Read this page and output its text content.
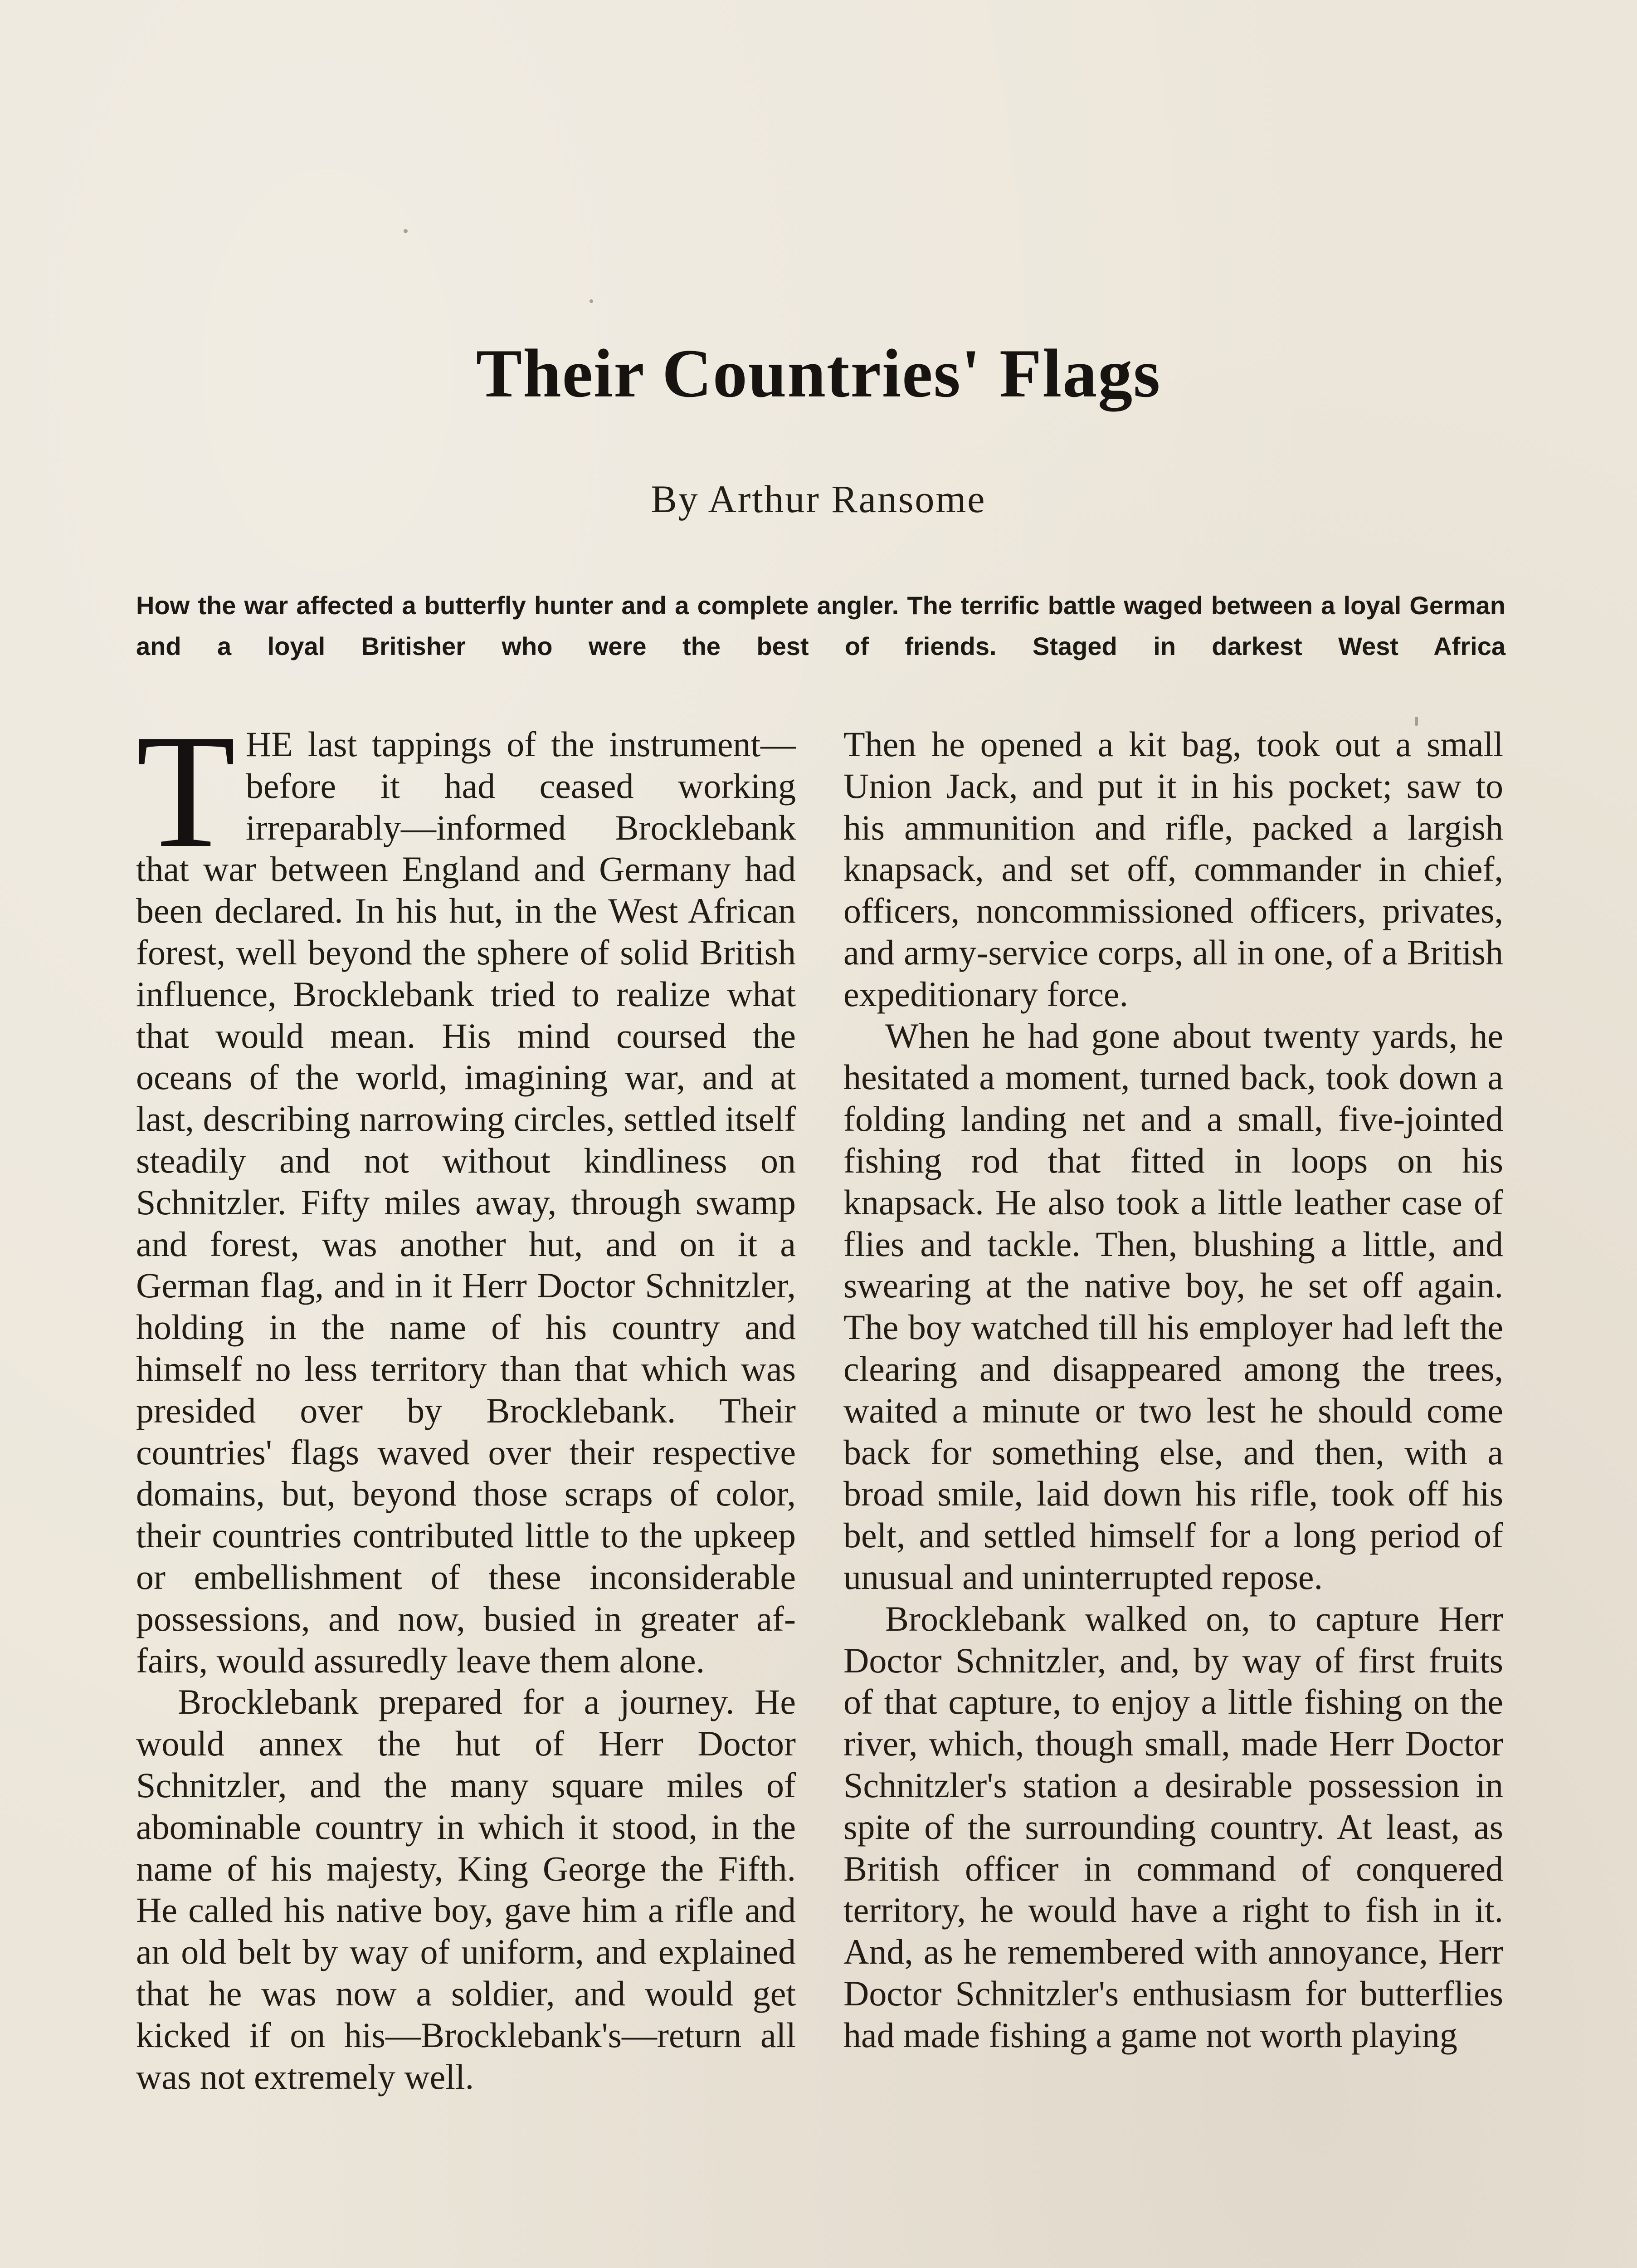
Their Countries' Flags
By Arthur Ransome

How the war affected a butterfly hunter and a complete angler. The terrific battle waged between a loyal German and a loyal Britisher who were the best of friends. Staged in darkest West Africa

THE last tappings of the instrument—before it had ceased working irreparably—informed Brocklebank that war between England and Germany had been declared. In his hut, in the West African forest, well beyond the sphere of solid British influence, Brocklebank tried to realize what that would mean. His mind coursed the oceans of the world, imagining war, and at last, describing narrowing circles, settled itself steadily and not without kindliness on Schnitzler. Fifty miles away, through swamp and forest, was another hut, and on it a German flag, and in it Herr Doctor Schnitzler, holding in the name of his country and himself no less territory than that which was presided over by Brocklebank. Their countries' flags waved over their respective domains, but, beyond those scraps of color, their countries contributed little to the upkeep or embellishment of these inconsiderable possessions, and now, busied in greater affairs, would assuredly leave them alone.

Brocklebank prepared for a journey. He would annex the hut of Herr Doctor Schnitzler, and the many square miles of abominable country in which it stood, in the name of his majesty, King George the Fifth. He called his native boy, gave him a rifle and an old belt by way of uniform, and explained that he was now a soldier, and would get kicked if on his—Brocklebank's—return all was not extremely well.

Then he opened a kit bag, took out a small Union Jack, and put it in his pocket; saw to his ammunition and rifle, packed a largish knapsack, and set off, commander in chief, officers, noncommissioned officers, privates, and army-service corps, all in one, of a British expeditionary force.

When he had gone about twenty yards, he hesitated a moment, turned back, took down a folding landing net and a small, five-jointed fishing rod that fitted in loops on his knapsack. He also took a little leather case of flies and tackle. Then, blushing a little, and swearing at the native boy, he set off again. The boy watched till his employer had left the clearing and disappeared among the trees, waited a minute or two lest he should come back for something else, and then, with a broad smile, laid down his rifle, took off his belt, and settled himself for a long period of unusual and uninterrupted repose.

Brocklebank walked on, to capture Herr Doctor Schnitzler, and, by way of first fruits of that capture, to enjoy a little fishing on the river, which, though small, made Herr Doctor Schnitzler's station a desirable possession in spite of the surrounding country. At least, as British officer in command of conquered territory, he would have a right to fish in it. And, as he remembered with annoyance, Herr Doctor Schnitzler's enthusiasm for butterflies had made fishing a game not worth playing
